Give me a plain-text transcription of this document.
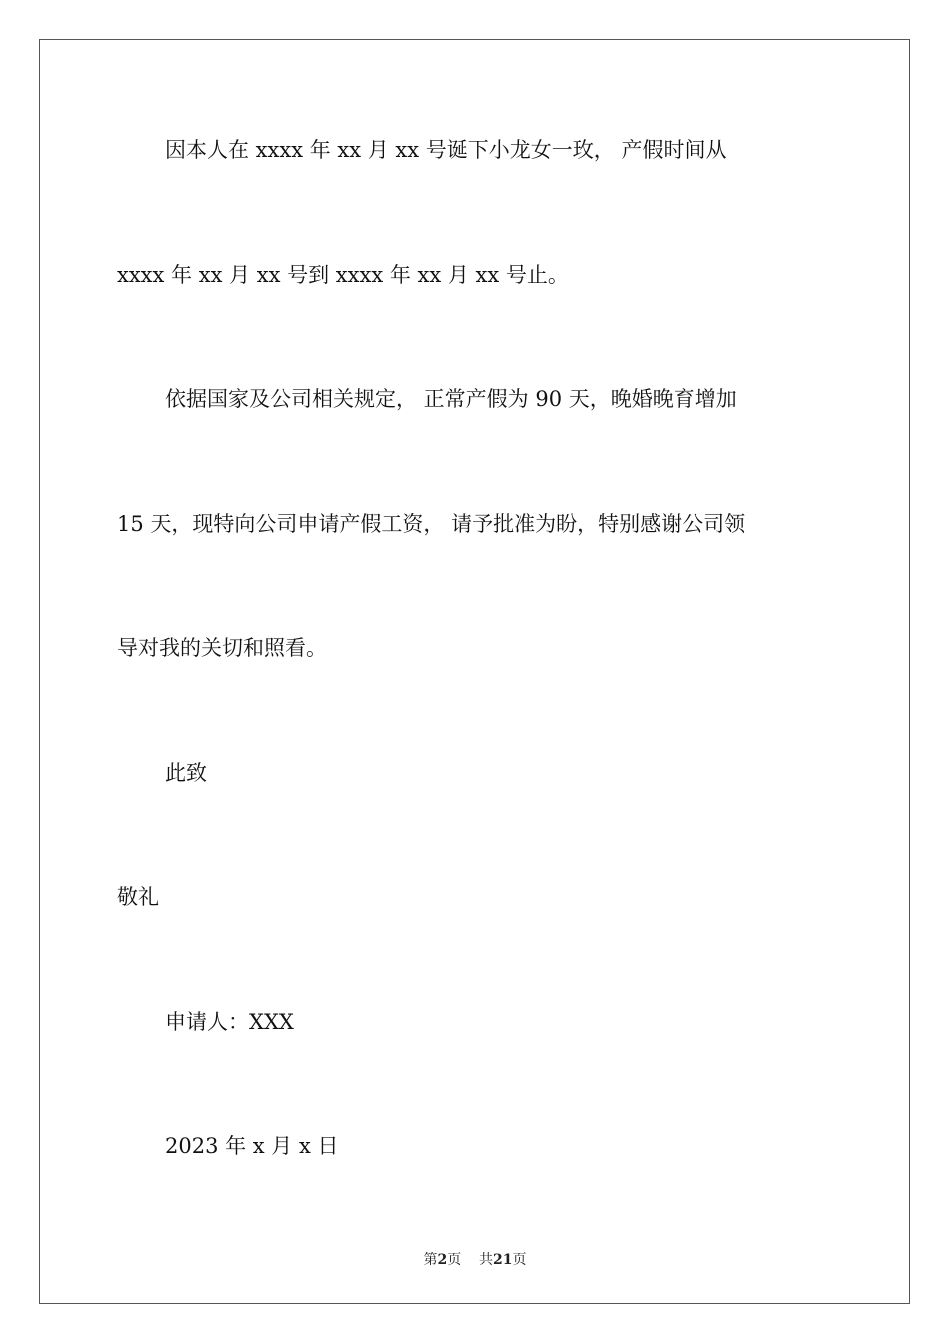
因本人在 xxxx 年 xx 月 xx 号诞下小龙女一玫， 产假时间从

xxxx 年 xx 月 xx 号到 xxxx 年 xx 月 xx 号止。

依据国家及公司相关规定， 正常产假为 90 天，晚婚晚育增加

15 天，现特向公司申请产假工资， 请予批准为盼，特别感谢公司领

导对我的关切和照看。

此致

敬礼

申请人：XXX

2023 年 x 月 x 日

第2页 共21页
